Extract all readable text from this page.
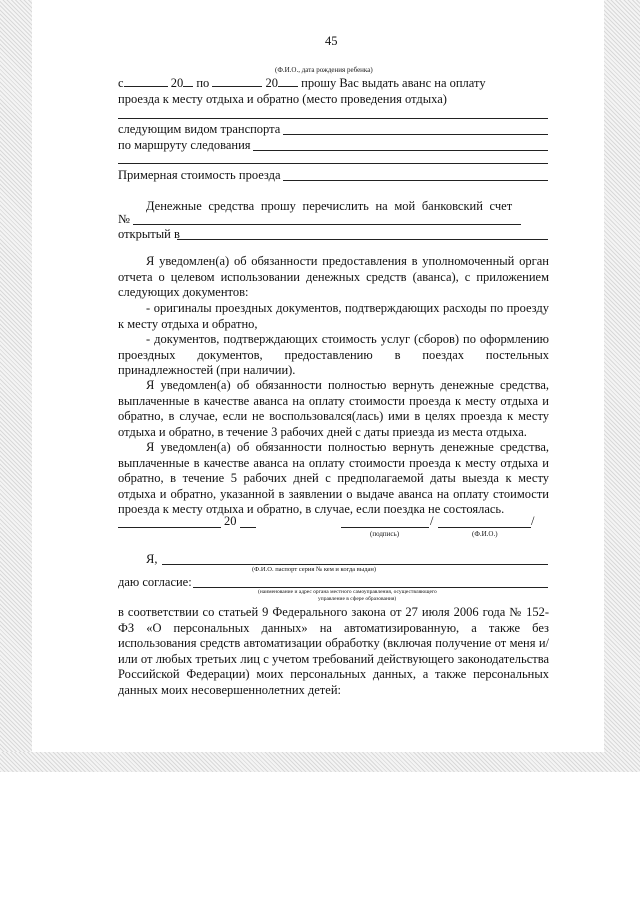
45
(Ф.И.О., дата рождения ребенка)
с	20 по	20 прошу Вас выдать аванс на оплату
проезда к месту отдыха и обратно (место проведения отдыха)
следующим видом транспорта
по маршруту следования
Примерная стоимость проезда
Денежные средства прошу перечислить на мой банковский счет
№
открытый в
Я уведомлен(а) об обязанности предоставления в уполномоченный орган отчета о целевом использовании денежных средств (аванса), с приложением следующих документов:
- оригиналы проездных документов, подтверждающих расходы по проезду к месту отдыха и обратно,
- документов, подтверждающих стоимость услуг (сборов) по оформлению проездных документов, предоставлению в поездах постельных принадлежностей (при наличии).
Я уведомлен(а) об обязанности полностью вернуть денежные средства, выплаченные в качестве аванса на оплату стоимости проезда к месту отдыха и обратно, в случае, если не воспользовался(лась) ими в целях проезда к месту отдыха и обратно, в течение 3 рабочих дней с даты приезда из места отдыха.
Я уведомлен(а) об обязанности полностью вернуть денежные средства, выплаченные в качестве аванса на оплату стоимости проезда к месту отдыха и обратно, в течение 5 рабочих дней с предполагаемой даты выезда к месту отдыха и обратно, указанной в заявлении о выдаче аванса на оплату стоимости проезда к месту отдыха и обратно, в случае, если поездка не состоялась.
20	/	/
(подпись)	(Ф.И.О.)
Я,
(Ф.И.О. паспорт серия № кем и когда выдан)
даю согласие:
(наименование и адрес органа местного самоуправления, осуществляющего
управление в сфере образования)
в соответствии со статьей 9 Федерального закона от 27 июля 2006 года № 152-ФЗ «О персональных данных» на автоматизированную, а также без использования средств автоматизации обработку (включая получение от меня и/или от любых третьих лиц с учетом требований действующего законодательства Российской Федерации) моих персональных данных, а также персональных данных моих несовершеннолетних детей:
